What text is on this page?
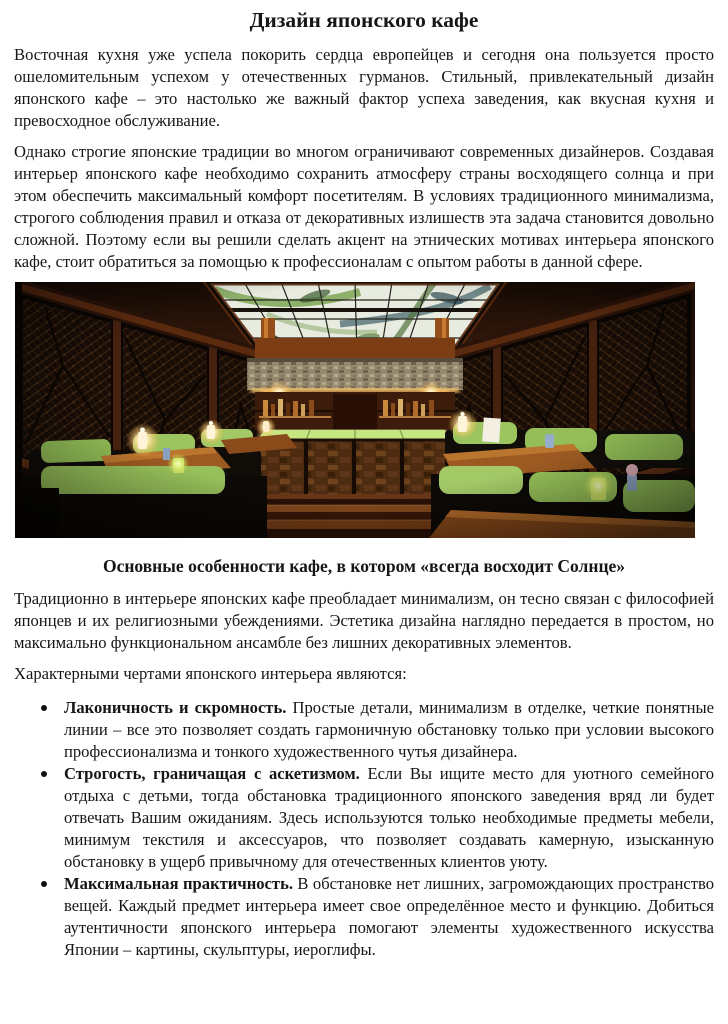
Дизайн японского кафе

Восточная кухня уже успела покорить сердца европейцев и сегодня она пользуется просто ошеломительным успехом у отечественных гурманов. Стильный, привлекательный дизайн японского кафе – это настолько же важный фактор успеха заведения, как вкусная кухня и превосходное обслуживание.

Однако строгие японские традиции во многом ограничивают современных дизайнеров. Создавая интерьер японского кафе необходимо сохранить атмосферу страны восходящего солнца и при этом обеспечить максимальный комфорт посетителям. В условиях традиционного минимализма, строгого соблюдения правил и отказа от декоративных излишеств эта задача становится довольно сложной. Поэтому если вы решили сделать акцент на этнических мотивах интерьера японского кафе, стоит обратиться за помощью к профессионалам с опытом работы в данной сфере.

Основные особенности кафе, в котором «всегда восходит Солнце»

Традиционно в интерьере японских кафе преобладает минимализм, он тесно связан с философией японцев и их религиозными убеждениями. Эстетика дизайна наглядно передается в простом, но максимально функциональном ансамбле без лишних декоративных элементов.

Характерными чертами японского интерьера являются:

Лаконичность и скромность. Простые детали, минимализм в отделке, четкие понятные линии – все это позволяет создать гармоничную обстановку только при условии высокого профессионализма и тонкого художественного чутья дизайнера.
Строгость, граничащая с аскетизмом. Если Вы ищите место для уютного семейного отдыха с детьми, тогда обстановка традиционного японского заведения вряд ли будет отвечать Вашим ожиданиям. Здесь используются только необходимые предметы мебели, минимум текстиля и аксессуаров, что позволяет создавать камерную, изысканную обстановку в ущерб привычному для отечественных клиентов уюту.
Максимальная практичность. В обстановке нет лишних, загромождающих пространство вещей. Каждый предмет интерьера имеет свое определённое место и функцию. Добиться аутентичности японского интерьера помогают элементы художественного искусства Японии – картины, скульптуры, иероглифы.
